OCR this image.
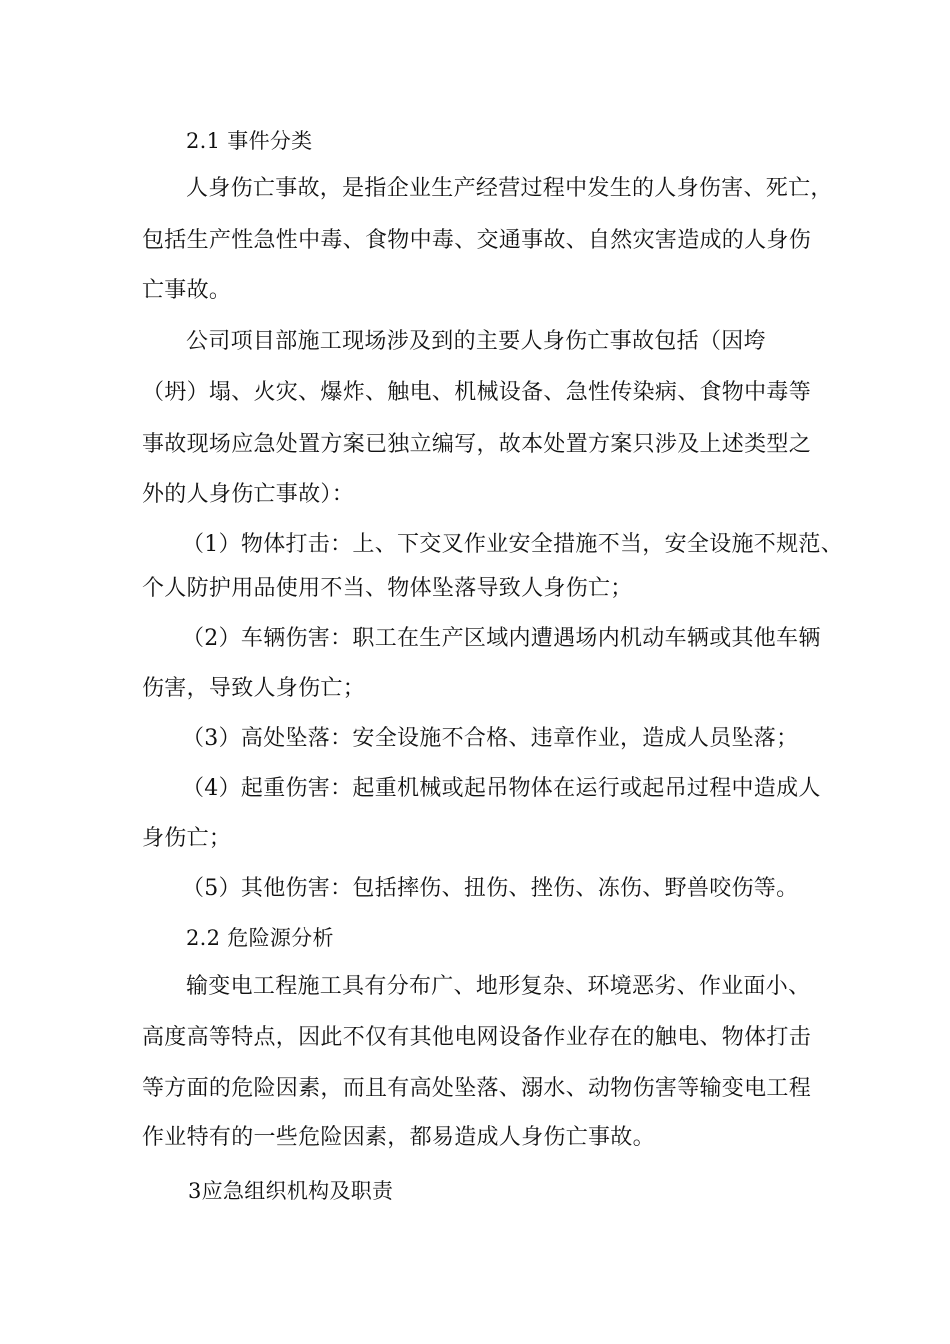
2.1 事件分类
人身伤亡事故，是指企业生产经营过程中发生的人身伤害、死亡，
包括生产性急性中毒、食物中毒、交通事故、自然灾害造成的人身伤
亡事故。
公司项目部施工现场涉及到的主要人身伤亡事故包括（因垮
（坍）塌、火灾、爆炸、触电、机械设备、急性传染病、食物中毒等
事故现场应急处置方案已独立编写，故本处置方案只涉及上述类型之
外的人身伤亡事故）：
（1）物体打击：上、下交叉作业安全措施不当，安全设施不规范、
个人防护用品使用不当、物体坠落导致人身伤亡；
（2）车辆伤害：职工在生产区域内遭遇场内机动车辆或其他车辆
伤害，导致人身伤亡；
（3）高处坠落：安全设施不合格、违章作业，造成人员坠落；
（4）起重伤害：起重机械或起吊物体在运行或起吊过程中造成人
身伤亡；
（5）其他伤害：包括摔伤、扭伤、挫伤、冻伤、野兽咬伤等。
2.2 危险源分析
输变电工程施工具有分布广、地形复杂、环境恶劣、作业面小、
高度高等特点，因此不仅有其他电网设备作业存在的触电、物体打击
等方面的危险因素，而且有高处坠落、溺水、动物伤害等输变电工程
作业特有的一些危险因素，都易造成人身伤亡事故。
3应急组织机构及职责
